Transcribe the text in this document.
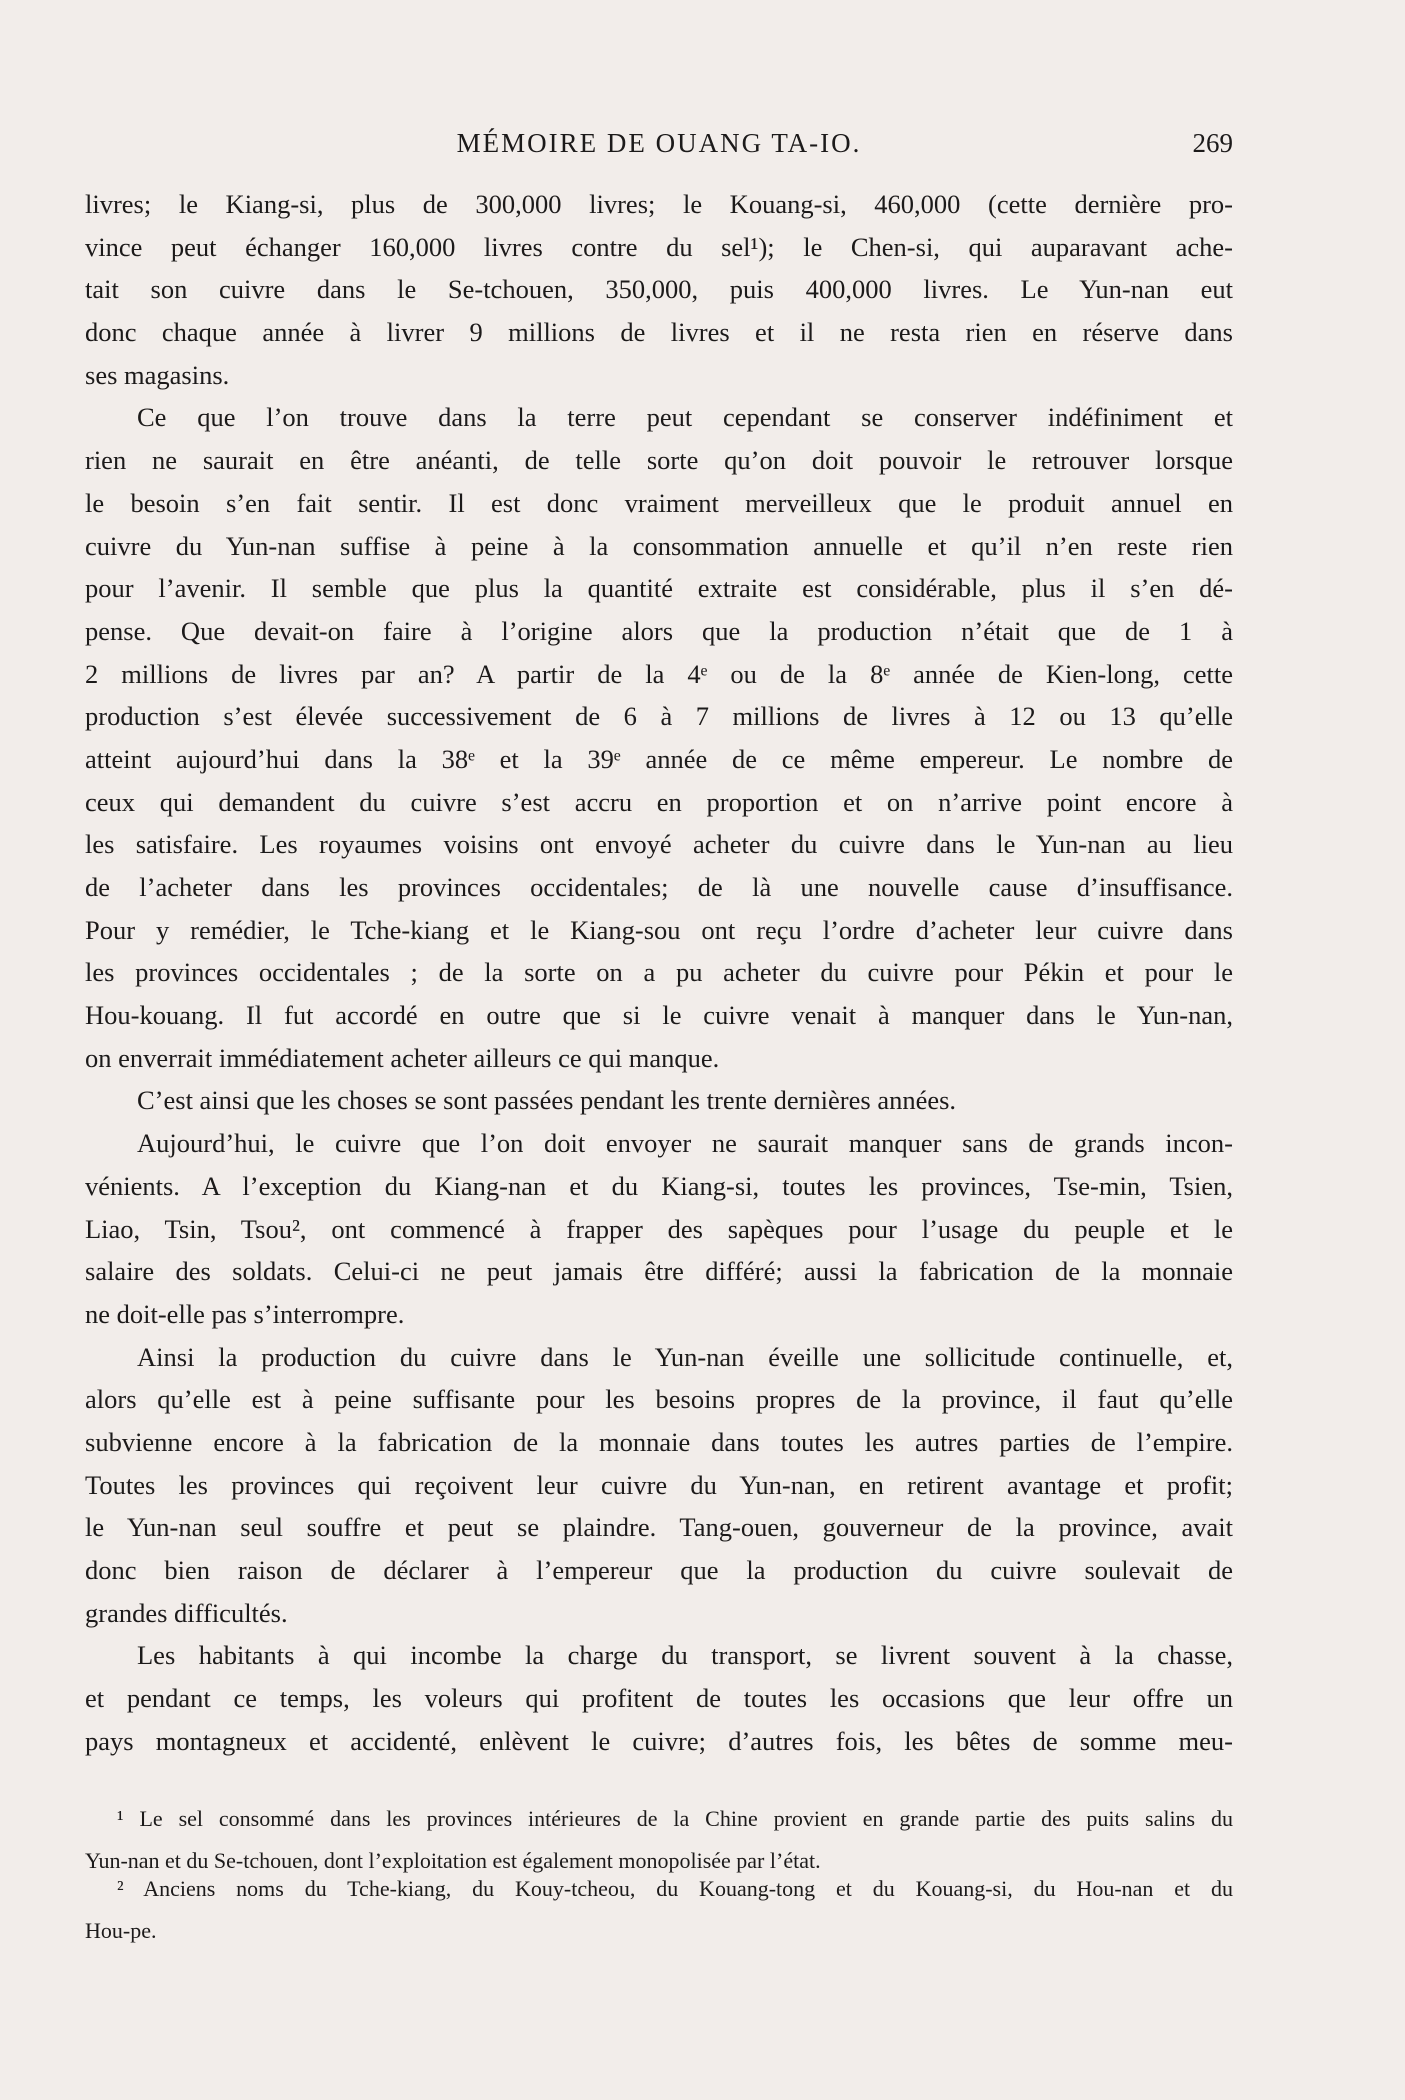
MÉMOIRE DE OUANG TA-IO.	269
livres; le Kiang-si, plus de 300,000 livres; le Kouang-si, 460,000 (cette dernière pro-
vince peut échanger 160,000 livres contre du sel¹); le Chen-si, qui auparavant ache-
tait son cuivre dans le Se-tchouen, 350,000, puis 400,000 livres. Le Yun-nan eut
donc chaque année à livrer 9 millions de livres et il ne resta rien en réserve dans
ses magasins.
Ce que l’on trouve dans la terre peut cependant se conserver indéfiniment et
rien ne saurait en être anéanti, de telle sorte qu’on doit pouvoir le retrouver lorsque
le besoin s’en fait sentir. Il est donc vraiment merveilleux que le produit annuel en
cuivre du Yun-nan suffise à peine à la consommation annuelle et qu’il n’en reste rien
pour l’avenir. Il semble que plus la quantité extraite est considérable, plus il s’en dé-
pense. Que devait-on faire à l’origine alors que la production n’était que de 1 à
2 millions de livres par an? A partir de la 4ᵉ ou de la 8ᵉ année de Kien-long, cette
production s’est élevée successivement de 6 à 7 millions de livres à 12 ou 13 qu’elle
atteint aujourd’hui dans la 38ᵉ et la 39ᵉ année de ce même empereur. Le nombre de
ceux qui demandent du cuivre s’est accru en proportion et on n’arrive point encore à
les satisfaire. Les royaumes voisins ont envoyé acheter du cuivre dans le Yun-nan au lieu
de l’acheter dans les provinces occidentales; de là une nouvelle cause d’insuffisance.
Pour y remédier, le Tche-kiang et le Kiang-sou ont reçu l’ordre d’acheter leur cuivre dans
les provinces occidentales ; de la sorte on a pu acheter du cuivre pour Pékin et pour le
Hou-kouang. Il fut accordé en outre que si le cuivre venait à manquer dans le Yun-nan,
on enverrait immédiatement acheter ailleurs ce qui manque.
C’est ainsi que les choses se sont passées pendant les trente dernières années.
Aujourd’hui, le cuivre que l’on doit envoyer ne saurait manquer sans de grands incon-
vénients. A l’exception du Kiang-nan et du Kiang-si, toutes les provinces, Tse-min, Tsien,
Liao, Tsin, Tsou², ont commencé à frapper des sapèques pour l’usage du peuple et le
salaire des soldats. Celui-ci ne peut jamais être différé; aussi la fabrication de la monnaie
ne doit-elle pas s’interrompre.
Ainsi la production du cuivre dans le Yun-nan éveille une sollicitude continuelle, et,
alors qu’elle est à peine suffisante pour les besoins propres de la province, il faut qu’elle
subvienne encore à la fabrication de la monnaie dans toutes les autres parties de l’empire.
Toutes les provinces qui reçoivent leur cuivre du Yun-nan, en retirent avantage et profit;
le Yun-nan seul souffre et peut se plaindre. Tang-ouen, gouverneur de la province, avait
donc bien raison de déclarer à l’empereur que la production du cuivre soulevait de
grandes difficultés.
Les habitants à qui incombe la charge du transport, se livrent souvent à la chasse,
et pendant ce temps, les voleurs qui profitent de toutes les occasions que leur offre un
pays montagneux et accidenté, enlèvent le cuivre; d’autres fois, les bêtes de somme meu-
¹ Le sel consommé dans les provinces intérieures de la Chine provient en grande partie des puits salins du
Yun-nan et du Se-tchouen, dont l’exploitation est également monopolisée par l’état.
² Anciens noms du Tche-kiang, du Kouy-tcheou, du Kouang-tong et du Kouang-si, du Hou-nan et du
Hou-pe.
